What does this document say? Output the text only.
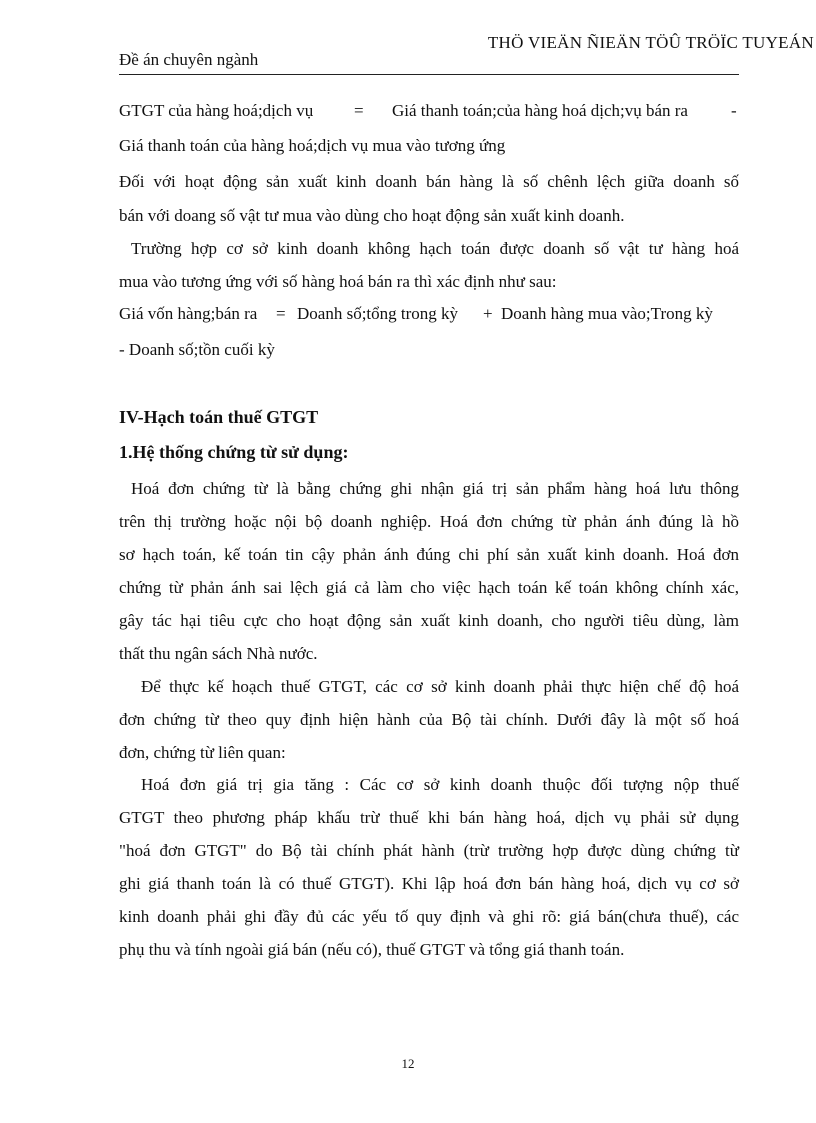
Đề án chuyên ngành
THÖ VIEÄN ÑIEÄN TÖÛ TRÖÏC TUYEÁN
GTGT của hàng hoá;dịch vụ = Giá thanh toán;của hàng hoá dịch;vụ bán ra	-
Giá thanh toán của hàng hoá;dịch vụ mua vào tương ứng
Đối với hoạt động sản xuất kinh doanh bán hàng là số chênh lệch giữa doanh số
bán với doang số vật tư mua vào dùng cho hoạt động sản xuất kinh doanh.
Trường hợp cơ sở kinh doanh không hạch toán được doanh số vật tư hàng hoá
mua vào tương ứng với số hàng hoá bán ra thì xác định như sau:
Giá vốn hàng;bán ra = Doanh số;tổng trong kỳ + Doanh hàng mua vào;Trong kỳ
- Doanh số;tồn cuối kỳ
IV-Hạch toán thuế GTGT
1.Hệ thống chứng từ sử dụng:
Hoá đơn chứng từ là bằng chứng ghi nhận giá trị sản phẩm hàng hoá lưu thông
trên thị trường hoặc nội bộ doanh nghiệp. Hoá đơn chứng từ phản ánh đúng là hồ
sơ hạch toán, kế toán tin cậy phản ánh đúng chi phí sản xuất kinh doanh. Hoá đơn
chứng từ phản ánh sai lệch giá cả làm cho việc hạch toán kế toán không chính xác,
gây tác hại tiêu cực cho hoạt động sản xuất kinh doanh, cho người tiêu dùng, làm
thất thu ngân sách Nhà nước.
Để thực kế hoạch thuế GTGT, các cơ sở kinh doanh phải thực hiện chế độ hoá
đơn chứng từ theo quy định hiện hành của Bộ tài chính. Dưới đây là một số hoá
đơn, chứng từ liên quan:
Hoá đơn giá trị gia tăng : Các cơ sở kinh doanh thuộc đối tượng nộp thuế
GTGT theo phương pháp khấu trừ thuế khi bán hàng hoá, dịch vụ phải sử dụng
"hoá đơn GTGT" do Bộ tài chính phát hành (trừ trường hợp được dùng chứng từ
ghi giá thanh toán là có thuế GTGT). Khi lập hoá đơn bán hàng hoá, dịch vụ cơ sở
kinh doanh phải ghi đầy đủ các yếu tố quy định và ghi rõ: giá bán(chưa thuế), các
phụ thu và tính ngoài giá bán (nếu có), thuế GTGT và tổng giá thanh toán.
12
